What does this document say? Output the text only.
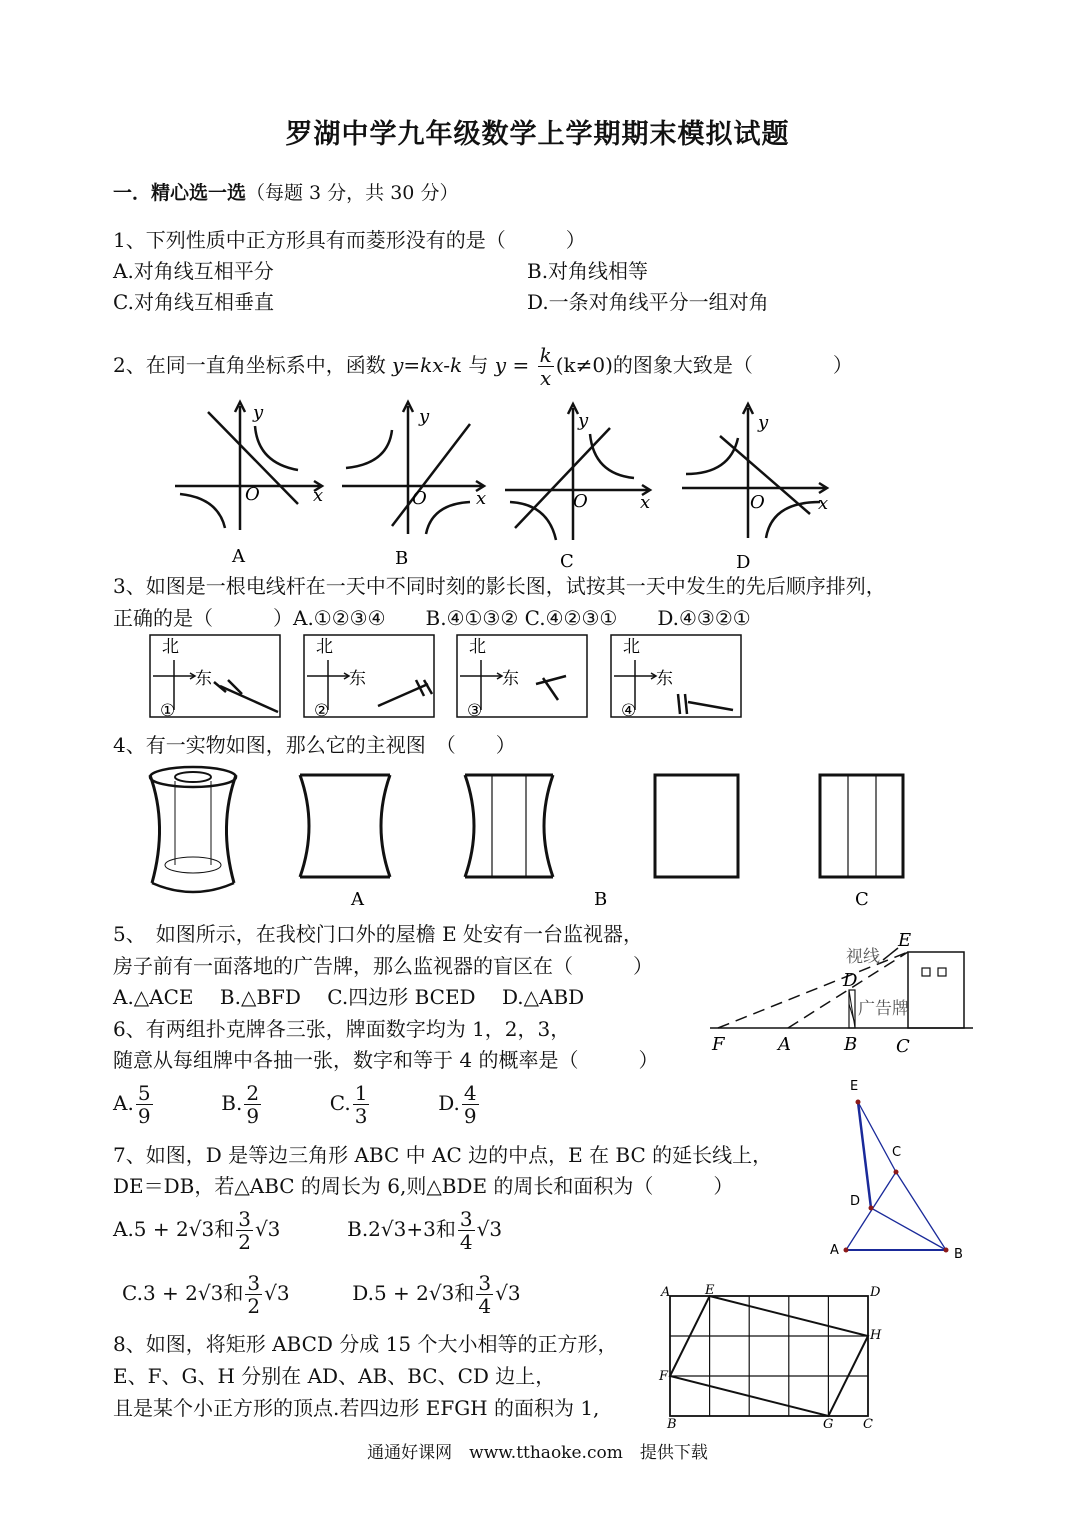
罗湖中学九年级数学上学期期末模拟试题
一．精心选一选（每题 3 分，共 30 分）
1、下列性质中正方形具有而菱形没有的是（　　　）
A.对角线互相平分	B.对角线相等
C.对角线互相垂直	D.一条对角线平分一组对角
2、在同一直角坐标系中，函数 y=kx-k 与 $y = \frac{k}{x} (k\ne 0)$的图象大致是（　　　　）
y
O	x
y
O	x
y
O	x
y
O	x
A	B	C	D
3、如图是一根电线杆在一天中不同时刻的影长图，试按其一天中发生的先后顺序排列，
正确的是（　　　）A.①②③④　　B.④①③② C.④②③①　　D.④③②①
北	北	北	北
东	东	东	东
①	②	③	④
4、有一实物如图，那么它的主视图　（　　）
A	B	C
5、　如图所示，在我校门口外的屋檐 E 处安有一台监视器，
房子前有一面落地的广告牌，那么监视器的盲区在（　　　）
A.△ACE　 B.△BFD　 C.四边形 BCED　 D.△ABD
E
D
F	A	B C
视线
广告牌
6、有两组扑克牌各三张，牌面数字均为 1，2，3，
随意从每组牌中各抽一张，数字和等于 4 的概率是（　　　）
A. $\frac{5}{9}$	B. $\frac{2}{9}$	C. $\frac{1}{3}$	D. $\frac{4}{9}$
7、如图，D 是等边三角形 ABC 中 AC 边的中点，E 在 BC 的延长线上，
DE＝DB，若△ABC 的周长为 6,则△BDE 的周长和面积为（　　　）
A.5 + 2√3和 $\frac{3}{2} √3$	B.2√3+3和 $\frac{3}{4} √3$
C.3 + 2√3和 $\frac{3}{2} √3$	D.5 + 2√3和 $\frac{3}{4} √3$
E
C
D
A	B
8、如图，将矩形 ABCD 分成 15 个大小相等的正方形，
E、F、G、H 分别在 AD、AB、BC、CD 边上，
且是某个小正方形的顶点.若四边形 EFGH 的面积为 1,
A	E	D
H
F
B	G C
通通好课网　www.tthaoke.com　提供下载
